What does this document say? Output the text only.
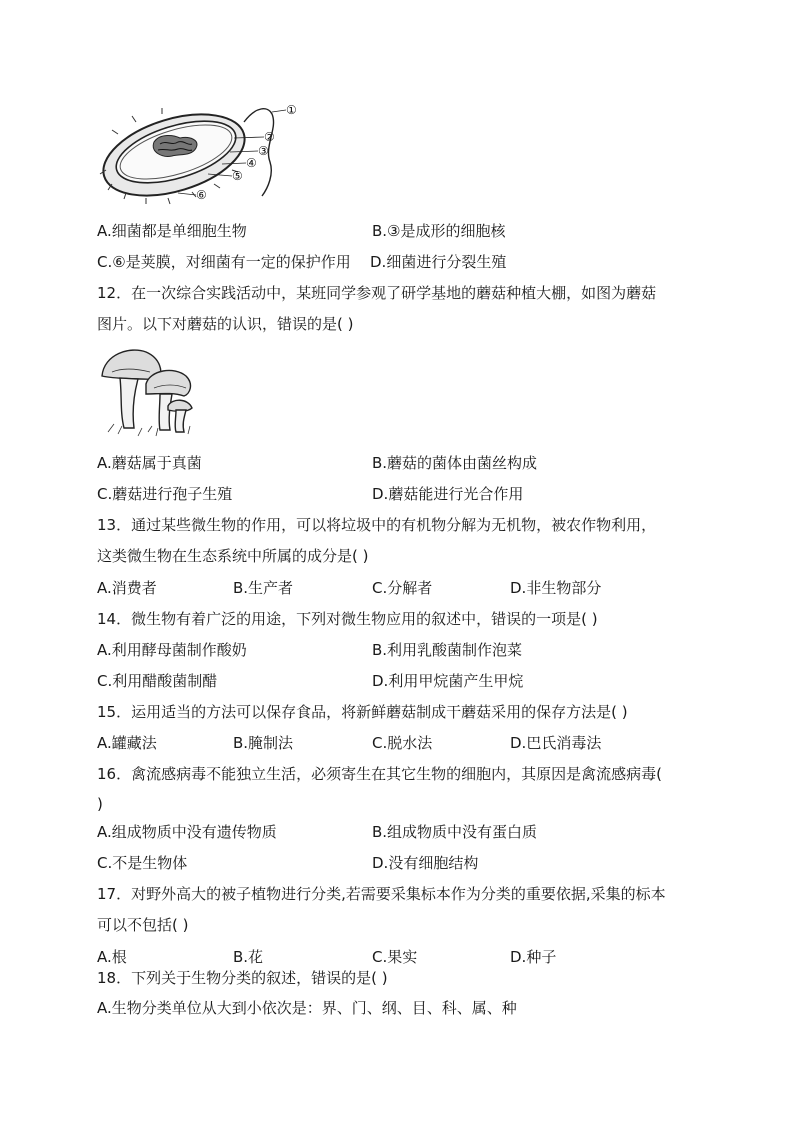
①
②
③
④
⑤
⑥
A.细菌都是单细胞生物	B.③是成形的细胞核
C.⑥是荚膜，对细菌有一定的保护作用 D.细菌进行分裂生殖
12．在一次综合实践活动中，某班同学参观了研学基地的蘑菇种植大棚，如图为蘑菇
图片。以下对蘑菇的认识，错误的是( )
A.蘑菇属于真菌	B.蘑菇的菌体由菌丝构成
C.蘑菇进行孢子生殖	D.蘑菇能进行光合作用
13．通过某些微生物的作用，可以将垃圾中的有机物分解为无机物，被农作物利用，
这类微生物在生态系统中所属的成分是( )
A.消费者	B.生产者	C.分解者	D.非生物部分
14．微生物有着广泛的用途，下列对微生物应用的叙述中，错误的一项是( )
A.利用酵母菌制作酸奶	B.利用乳酸菌制作泡菜
C.利用醋酸菌制醋	D.利用甲烷菌产生甲烷
15．运用适当的方法可以保存食品，将新鲜蘑菇制成干蘑菇采用的保存方法是( )
A.罐藏法	B.腌制法	C.脱水法	D.巴氏消毒法
16．禽流感病毒不能独立生活，必须寄生在其它生物的细胞内，其原因是禽流感病毒(
)
A.组成物质中没有遗传物质	B.组成物质中没有蛋白质
C.不是生物体	D.没有细胞结构
17．对野外高大的被子植物进行分类,若需要采集标本作为分类的重要依据,采集的标本
可以不包括( )
A.根	B.花	C.果实	D.种子
18．下列关于生物分类的叙述，错误的是( )
A.生物分类单位从大到小依次是：界、门、纲、目、科、属、种
